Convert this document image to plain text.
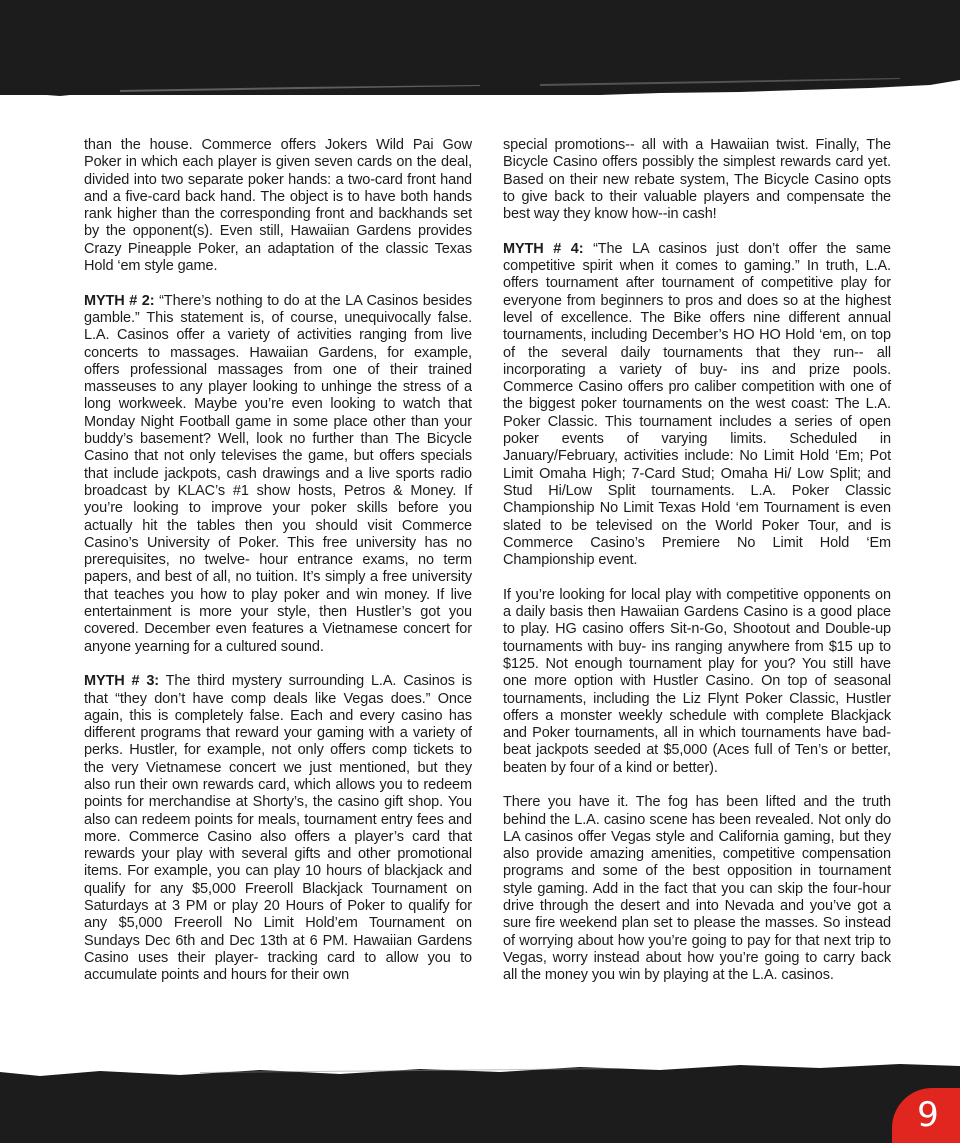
than the house. Commerce offers Jokers Wild Pai Gow Poker in which each player is given seven cards on the deal, divided into two separate poker hands: a two-card front hand and a five-card back hand. The object is to have both hands rank higher than the corresponding front and backhands set by the opponent(s). Even still, Hawaiian Gardens provides Crazy Pineapple Poker, an adaptation of the classic Texas Hold ‘em style game.

MYTH # 2: “There’s nothing to do at the LA Casinos besides gamble.” This statement is, of course, unequivocally false. L.A. Casinos offer a variety of activities ranging from live concerts to massages. Hawaiian Gardens, for example, offers professional massages from one of their trained masseuses to any player looking to unhinge the stress of a long workweek. Maybe you’re even looking to watch that Monday Night Football game in some place other than your buddy’s basement? Well, look no further than The Bicycle Casino that not only televises the game, but offers specials that include jackpots, cash drawings and a live sports radio broadcast by KLAC’s #1 show hosts, Petros & Money. If you’re looking to improve your poker skills before you actually hit the tables then you should visit Commerce Casino’s University of Poker. This free university has no prerequisites, no twelve- hour entrance exams, no term papers, and best of all, no tuition. It’s simply a free university that teaches you how to play poker and win money. If live entertainment is more your style, then Hustler’s got you covered. December even features a Vietnamese concert for anyone yearning for a cultured sound.

MYTH # 3: The third mystery surrounding L.A. Casinos is that “they don’t have comp deals like Vegas does.” Once again, this is completely false. Each and every casino has different programs that reward your gaming with a variety of perks. Hustler, for example, not only offers comp tickets to the very Vietnamese concert we just mentioned, but they also run their own rewards card, which allows you to redeem points for merchandise at Shorty’s, the casino gift shop. You also can redeem points for meals, tournament entry fees and more. Commerce Casino also offers a player’s card that rewards your play with several gifts and other promotional items. For example, you can play 10 hours of blackjack and qualify for any $5,000 Freeroll Blackjack Tournament on Saturdays at 3 PM or play 20 Hours of Poker to qualify for any $5,000 Freeroll No Limit Hold’em Tournament on Sundays Dec 6th and Dec 13th at 6 PM. Hawaiian Gardens Casino uses their player- tracking card to allow you to accumulate points and hours for their own

special promotions-- all with a Hawaiian twist. Finally, The Bicycle Casino offers possibly the simplest rewards card yet. Based on their new rebate system, The Bicycle Casino opts to give back to their valuable players and compensate the best way they know how--in cash!

MYTH # 4: “The LA casinos just don’t offer the same competitive spirit when it comes to gaming.” In truth, L.A. offers tournament after tournament of competitive play for everyone from beginners to pros and does so at the highest level of excellence. The Bike offers nine different annual tournaments, including December’s HO HO Hold ‘em, on top of the several daily tournaments that they run-- all incorporating a variety of buy- ins and prize pools. Commerce Casino offers pro caliber competition with one of the biggest poker tournaments on the west coast: The L.A. Poker Classic. This tournament includes a series of open poker events of varying limits. Scheduled in January/February, activities include: No Limit Hold ‘Em; Pot Limit Omaha High; 7-Card Stud; Omaha Hi/ Low Split; and Stud Hi/Low Split tournaments. L.A. Poker Classic Championship No Limit Texas Hold ‘em Tournament is even slated to be televised on the World Poker Tour, and is Commerce Casino’s Premiere No Limit Hold ‘Em Championship event.

If you’re looking for local play with competitive opponents on a daily basis then Hawaiian Gardens Casino is a good place to play. HG casino offers Sit-n-Go, Shootout and Double-up tournaments with buy- ins ranging anywhere from $15 up to $125. Not enough tournament play for you? You still have one more option with Hustler Casino. On top of seasonal tournaments, including the Liz Flynt Poker Classic, Hustler offers a monster weekly schedule with complete Blackjack and Poker tournaments, all in which tournaments have bad-beat jackpots seeded at $5,000 (Aces full of Ten’s or better, beaten by four of a kind or better).

There you have it. The fog has been lifted and the truth behind the L.A. casino scene has been revealed. Not only do LA casinos offer Vegas style and California gaming, but they also provide amazing amenities, competitive compensation programs and some of the best opposition in tournament style gaming. Add in the fact that you can skip the four-hour drive through the desert and into Nevada and you’ve got a sure fire weekend plan set to please the masses. So instead of worrying about how you’re going to pay for that next trip to Vegas, worry instead about how you’re going to carry back all the money you win by playing at the L.A. casinos.

9
